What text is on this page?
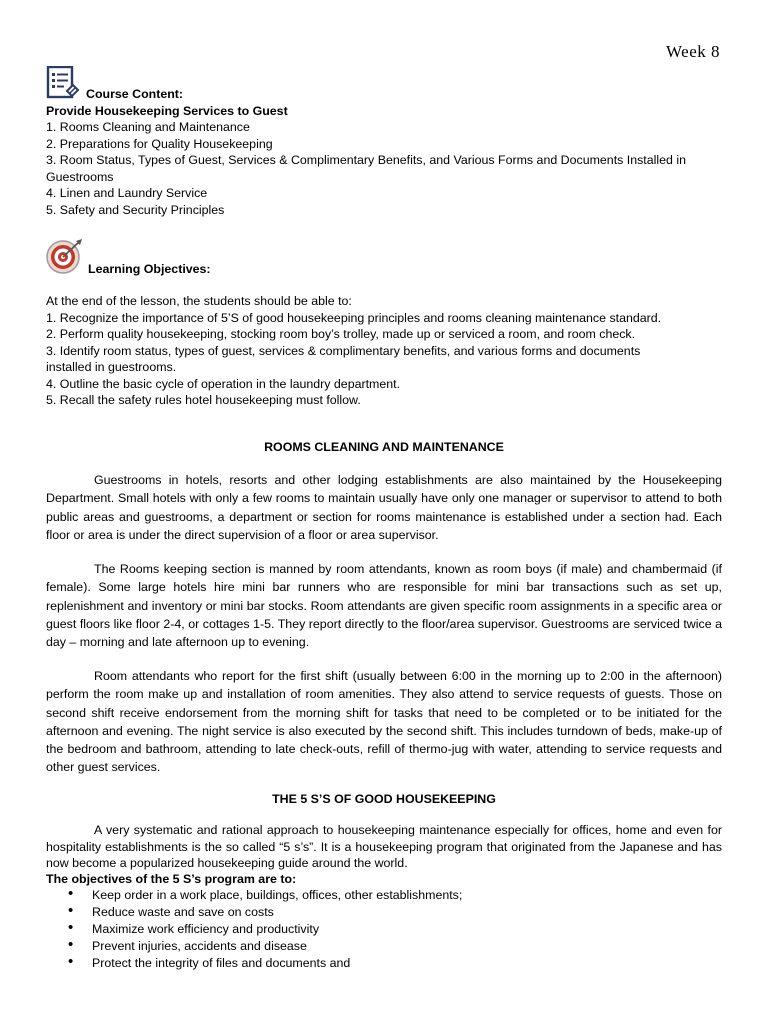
Week 8
Course Content:
Provide Housekeeping Services to Guest
1. Rooms Cleaning and Maintenance
2. Preparations for Quality Housekeeping
3. Room Status, Types of Guest, Services & Complimentary Benefits, and Various Forms and Documents Installed in
Guestrooms
4. Linen and Laundry Service
5. Safety and Security Principles
Learning Objectives:
At the end of the lesson, the students should be able to:
1. Recognize the importance of 5’S of good housekeeping principles and rooms cleaning maintenance standard.
2. Perform quality housekeeping, stocking room boy’s trolley, made up or serviced a room, and room check.
3. Identify room status, types of guest, services & complimentary benefits, and various forms and documents
installed in guestrooms.
4. Outline the basic cycle of operation in the laundry department.
5. Recall the safety rules hotel housekeeping must follow.
ROOMS CLEANING AND MAINTENANCE
Guestrooms in hotels, resorts and other lodging establishments are also maintained by the Housekeeping Department. Small hotels with only a few rooms to maintain usually have only one manager or supervisor to attend to both public areas and guestrooms, a department or section for rooms maintenance is established under a section had. Each floor or area is under the direct supervision of a floor or area supervisor.
The Rooms keeping section is manned by room attendants, known as room boys (if male) and chambermaid (if female). Some large hotels hire mini bar runners who are responsible for mini bar transactions such as set up, replenishment and inventory or mini bar stocks. Room attendants are given specific room assignments in a specific area or guest floors like floor 2-4, or cottages 1-5. They report directly to the floor/area supervisor. Guestrooms are serviced twice a day – morning and late afternoon up to evening.
Room attendants who report for the first shift (usually between 6:00 in the morning up to 2:00 in the afternoon) perform the room make up and installation of room amenities. They also attend to service requests of guests. Those on second shift receive endorsement from the morning shift for tasks that need to be completed or to be initiated for the afternoon and evening. The night service is also executed by the second shift. This includes turndown of beds, make-up of the bedroom and bathroom, attending to late check-outs, refill of thermo-jug with water, attending to service requests and other guest services.
THE 5 S’S OF GOOD HOUSEKEEPING
A very systematic and rational approach to housekeeping maintenance especially for offices, home and even for hospitality establishments is the so called “5 s’s”. It is a housekeeping program that originated from the Japanese and has now become a popularized housekeeping guide around the world.
The objectives of the 5 S’s program are to:
• Keep order in a work place, buildings, offices, other establishments;
• Reduce waste and save on costs
• Maximize work efficiency and productivity
• Prevent injuries, accidents and disease
• Protect the integrity of files and documents and
